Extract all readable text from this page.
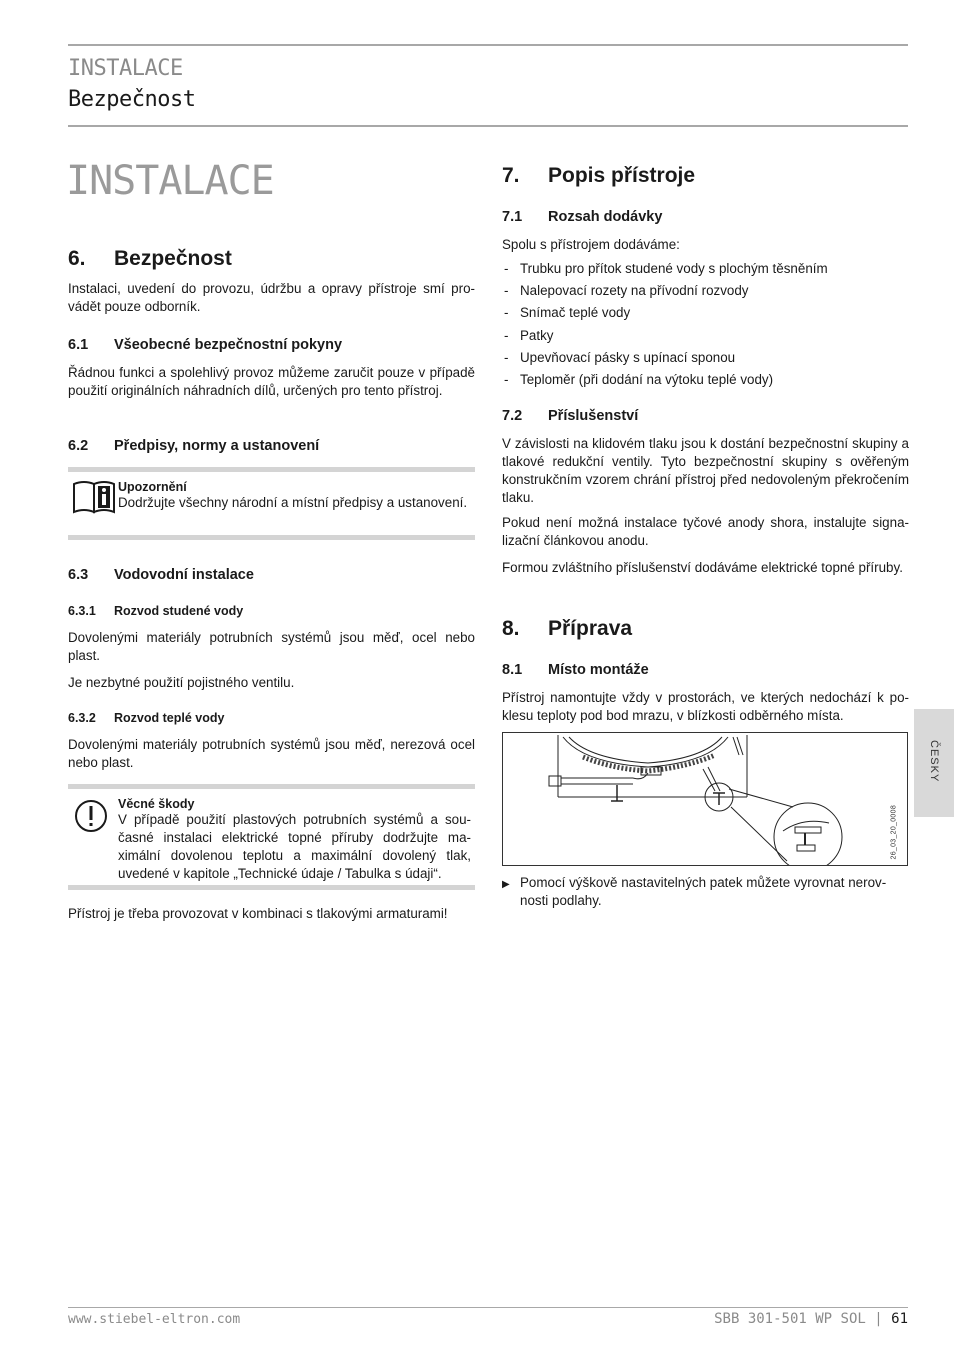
INSTALACE
Bezpečnost
INSTALACE
6.	Bezpečnost
Instalaci, uvedení do provozu, údržbu a opravy přístroje smí provádět pouze odborník.
6.1	Všeobecné bezpečnostní pokyny
Řádnou funkci a spolehlivý provoz můžeme zaručit pouze v případě použití originálních náhradních dílů, určených pro tento přístroj.
6.2	Předpisy, normy a ustanovení
Upozornění
Dodržujte všechny národní a místní předpisy a ustanovení.
6.3	Vodovodní instalace
6.3.1	Rozvod studené vody
Dovolenými materiály potrubních systémů jsou měď, ocel nebo plast.
Je nezbytné použití pojistného ventilu.
6.3.2	Rozvod teplé vody
Dovolenými materiály potrubních systémů jsou měď, nerezová ocel nebo plast.
Věcné škody
V případě použití plastových potrubních systémů a současné instalaci elektrické topné příruby dodržujte maximální dovolenou teplotu a maximální dovolený tlak, uvedené v kapitole „Technické údaje / Tabulka s údaji“.
Přístroj je třeba provozovat v kombinaci s tlakovými armaturami!
7.	Popis přístroje
7.1	Rozsah dodávky
Spolu s přístrojem dodáváme:
- Trubku pro přítok studené vody s plochým těsněním
- Nalepovací rozety na přívodní rozvody
- Snímač teplé vody
- Patky
- Upevňovací pásky s upínací sponou
- Teploměr (při dodání na výtoku teplé vody)
7.2	Příslušenství
V závislosti na klidovém tlaku jsou k dostání bezpečnostní skupiny a tlakové redukční ventily. Tyto bezpečnostní skupiny s ověřeným konstrukčním vzorem chrání přístroj před nedovoleným překročením tlaku.
Pokud není možná instalace tyčové anody shora, instalujte signalizační článkovou anodu.
Formou zvláštního příslušenství dodáváme elektrické topné příruby.
8.	Příprava
8.1	Místo montáže
Přístroj namontujte vždy v prostorách, ve kterých nedochází k poklesu teploty pod bod mrazu, v blízkosti odběrného místa.
26_03_20_0008
▶ Pomocí výškově nastavitelných patek můžete vyrovnat nerovnosti podlahy.
ČESKY
www.stiebel-eltron.com	SBB 301-501 WP SOL | 61
